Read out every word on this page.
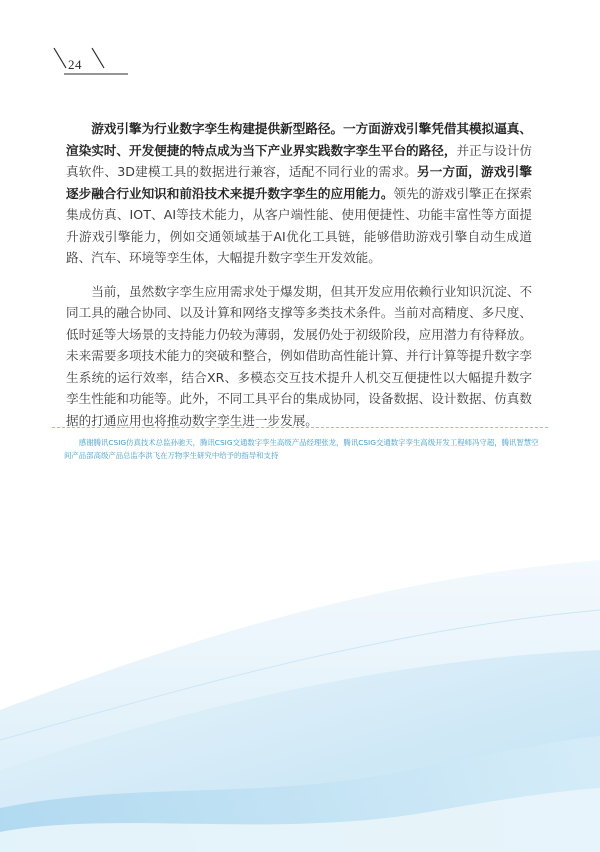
24

游戏引擎为行业数字孪生构建提供新型路径。一方面游戏引擎凭借其模拟逼真、渲染实时、开发便捷的特点成为当下产业界实践数字孪生平台的路径，并正与设计仿真软件、3D建模工具的数据进行兼容，适配不同行业的需求。另一方面，游戏引擎逐步融合行业知识和前沿技术来提升数字孪生的应用能力。领先的游戏引擎正在探索集成仿真、IOT、AI等技术能力，从客户端性能、使用便捷性、功能丰富性等方面提升游戏引擎能力，例如交通领域基于AI优化工具链，能够借助游戏引擎自动生成道路、汽车、环境等孪生体，大幅提升数字孪生开发效能。

当前，虽然数字孪生应用需求处于爆发期，但其开发应用依赖行业知识沉淀、不同工具的融合协同、以及计算和网络支撑等多类技术条件。当前对高精度、多尺度、低时延等大场景的支持能力仍较为薄弱，发展仍处于初级阶段，应用潜力有待释放。未来需要多项技术能力的突破和整合，例如借助高性能计算、并行计算等提升数字孪生系统的运行效率，结合XR、多模态交互技术提升人机交互便捷性以大幅提升数字孪生性能和功能等。此外，不同工具平台的集成协同，设备数据、设计数据、仿真数据的打通应用也将推动数字孪生进一步发展。

感谢腾讯CSIG仿真技术总监孙驰天，腾讯CSIG交通数字孪生高级产品经理张龙，腾讯CSIG交通数字孪生高级开发工程师冯守超，腾讯智慧空间产品部高级产品总监李洪飞在万物孪生研究中给予的指导和支持
